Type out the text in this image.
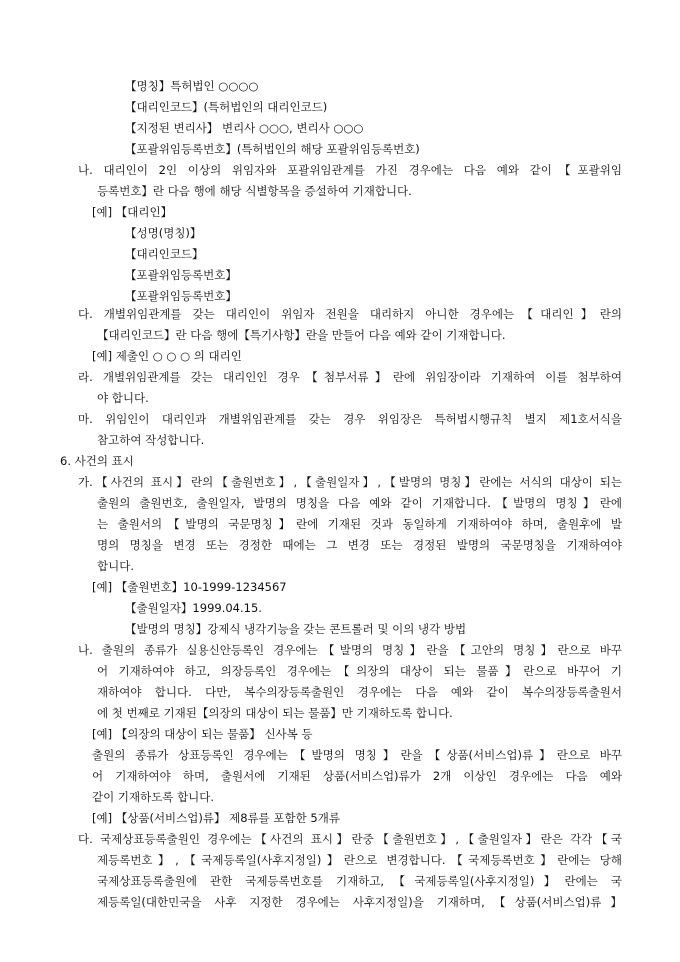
【명칭】특허법인 ○○○○
【대리인코드】(특허법인의 대리인코드)
【지정된 변리사】 변리사 ○○○, 변리사 ○○○
【포괄위임등록번호】(특허법인의 해당 포괄위임등록번호)
나. 대리인이 2인 이상의 위임자와 포괄위임관계를 가진 경우에는 다음 예와 같이【포괄위임
등록번호】란 다음 행에 해당 식별항목을 증설하여 기재합니다.
[예] 【대리인】
【성명(명칭)】
【대리인코드】
【포괄위임등록번호】
【포괄위임등록번호】
다. 개별위임관계를 갖는 대리인이 위임자 전원을 대리하지 아니한 경우에는【대리인】란의
【대리인코드】란 다음 행에【특기사항】란을 만들어 다음 예와 같이 기재합니다.
[예] 제출인 ○ ○ ○ 의 대리인
라. 개별위임관계를 갖는 대리인인 경우【첨부서류】란에 위임장이라 기재하여 이를 첨부하여
야 합니다.
마. 위임인이 대리인과 개별위임관계를 갖는 경우 위임장은 특허법시행규칙 별지 제1호서식을
참고하여 작성합니다.
6. 사건의 표시
가.【사건의 표시】란의【출원번호】,【출원일자】,【발명의 명칭】란에는 서식의 대상이 되는
출원의 출원번호, 출원일자, 발명의 명칭을 다음 예와 같이 기재합니다.【발명의 명칭】란에
는 출원서의【발명의 국문명칭】란에 기재된 것과 동일하게 기재하여야 하며, 출원후에 발
명의 명칭을 변경 또는 경정한 때에는 그 변경 또는 경정된 발명의 국문명칭을 기재하여야
합니다.
[예] 【출원번호】10-1999-1234567
【출원일자】1999.04.15.
【발명의 명칭】강제식 냉각기능을 갖는 콘트롤러 및 이의 냉각 방법
나. 출원의 종류가 실용신안등록인 경우에는【발명의 명칭】란을【고안의 명칭】란으로 바꾸
어 기재하여야 하고, 의장등록인 경우에는【의장의 대상이 되는 물품】란으로 바꾸어 기
재하여야 합니다. 다만, 복수의장등록출원인 경우에는 다음 예와 같이 복수의장등록출원서
에 첫 번째로 기재된【의장의 대상이 되는 물품】만 기재하도록 합니다.
[예] 【의장의 대상이 되는 물품】 신사복 등
출원의 종류가 상표등록인 경우에는【발명의 명칭】란을【상품(서비스업)류】란으로 바꾸
어 기재하여야 하며, 출원서에 기재된 상품(서비스업)류가 2개 이상인 경우에는 다음 예와
같이 기재하도록 합니다.
[예] 【상품(서비스업)류】 제8류를 포함한 5개류
다. 국제상표등록출원인 경우에는【사건의 표시】란중【출원번호】,【출원일자】란은 각각【국
제등록번호】,【국제등록일(사후지정일)】란으로 변경합니다.【국제등록번호】란에는 당해
국제상표등록출원에 관한 국제등록번호를 기재하고,【국제등록일(사후지정일)】란에는 국
제등록일(대한민국을 사후 지정한 경우에는 사후지정일)을 기재하며,【상품(서비스업)류】
